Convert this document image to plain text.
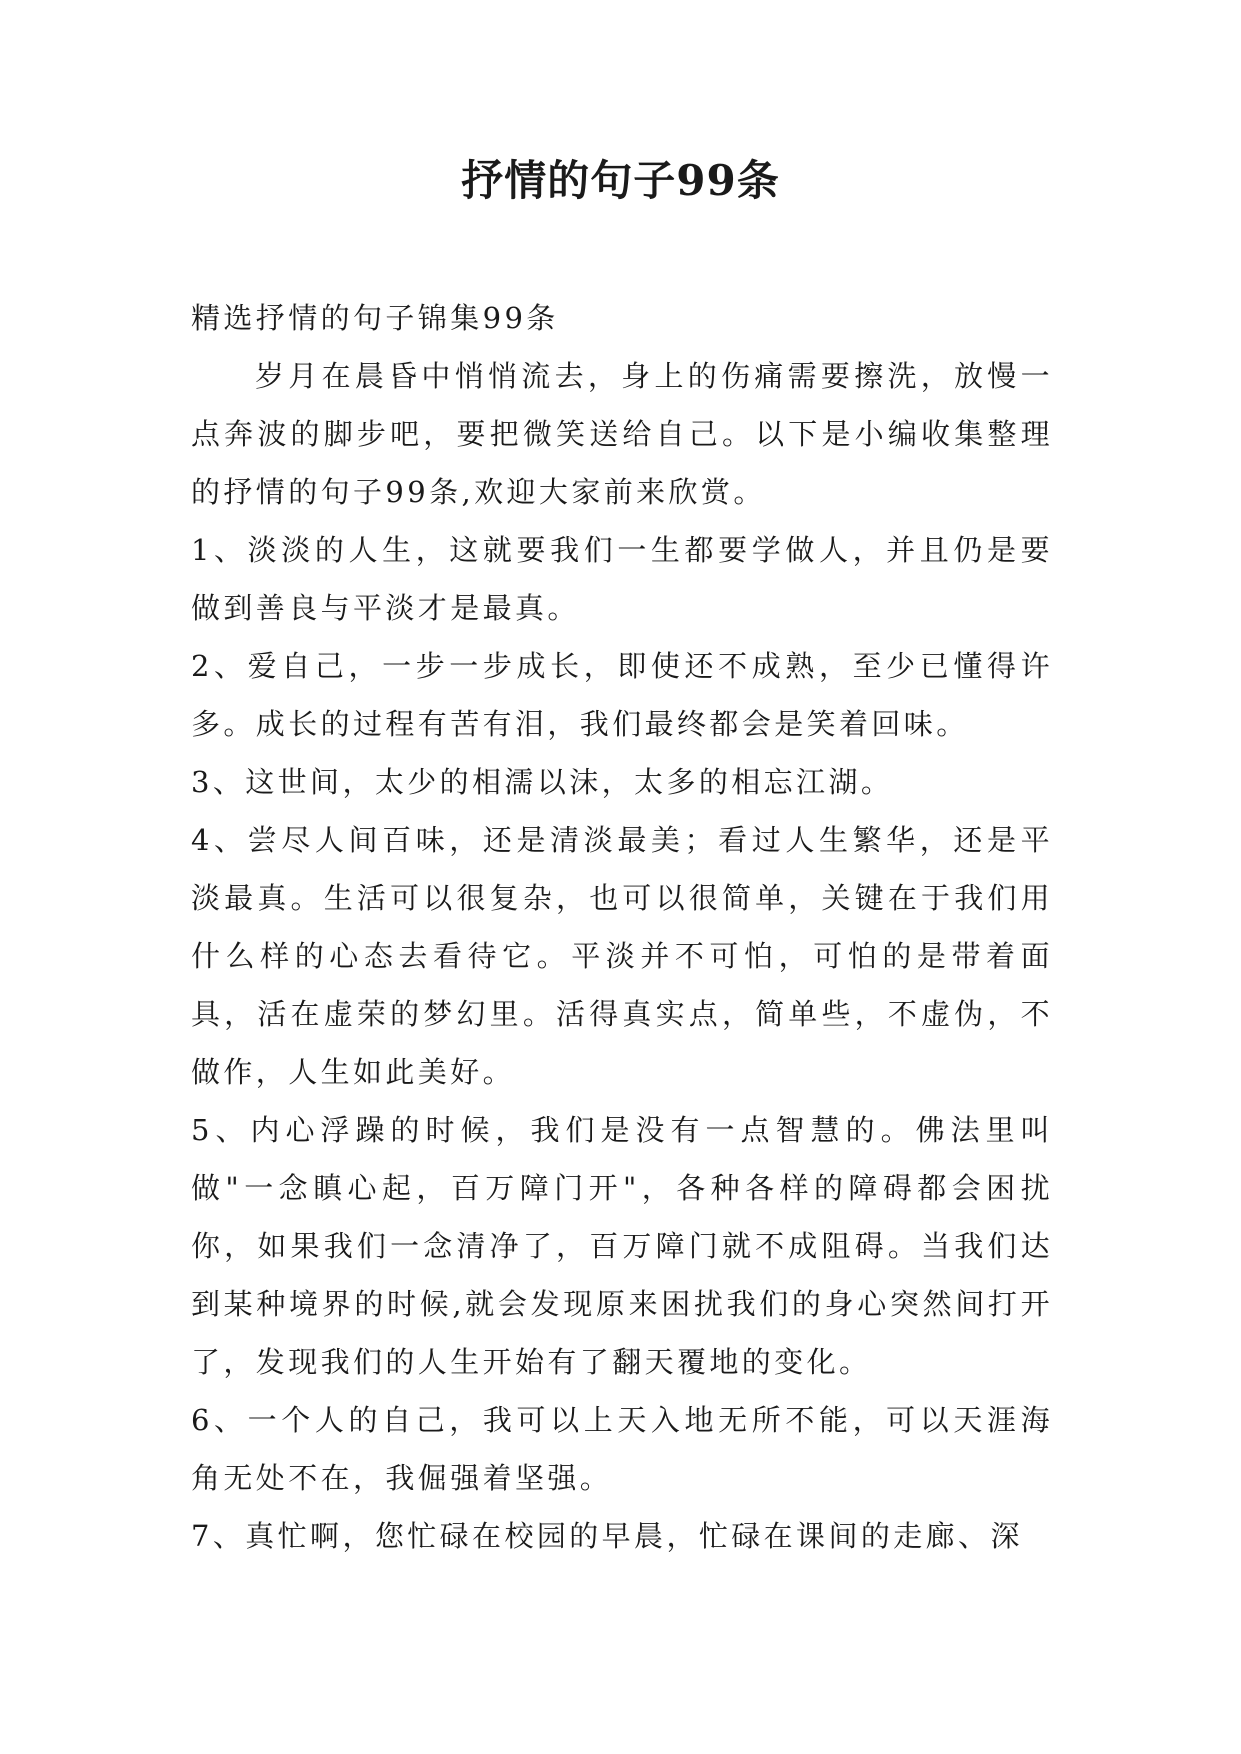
抒情的句子99条

精选抒情的句子锦集99条

岁月在晨昏中悄悄流去，身上的伤痛需要擦洗，放慢一点奔波的脚步吧，要把微笑送给自己。以下是小编收集整理的抒情的句子99条,欢迎大家前来欣赏。

1、淡淡的人生，这就要我们一生都要学做人，并且仍是要做到善良与平淡才是最真。

2、爱自己，一步一步成长，即使还不成熟，至少已懂得许多。成长的过程有苦有泪，我们最终都会是笑着回味。

3、这世间，太少的相濡以沫，太多的相忘江湖。

4、尝尽人间百味，还是清淡最美；看过人生繁华，还是平淡最真。生活可以很复杂，也可以很简单，关键在于我们用什么样的心态去看待它。平淡并不可怕，可怕的是带着面具，活在虚荣的梦幻里。活得真实点，简单些，不虚伪，不做作，人生如此美好。

5、内心浮躁的时候，我们是没有一点智慧的。佛法里叫做"一念瞋心起，百万障门开"，各种各样的障碍都会困扰你，如果我们一念清净了，百万障门就不成阻碍。当我们达到某种境界的时候,就会发现原来困扰我们的身心突然间打开了，发现我们的人生开始有了翻天覆地的变化。

6、一个人的自己，我可以上天入地无所不能，可以天涯海角无处不在，我倔强着坚强。

7、真忙啊，您忙碌在校园的早晨，忙碌在课间的走廊、深
